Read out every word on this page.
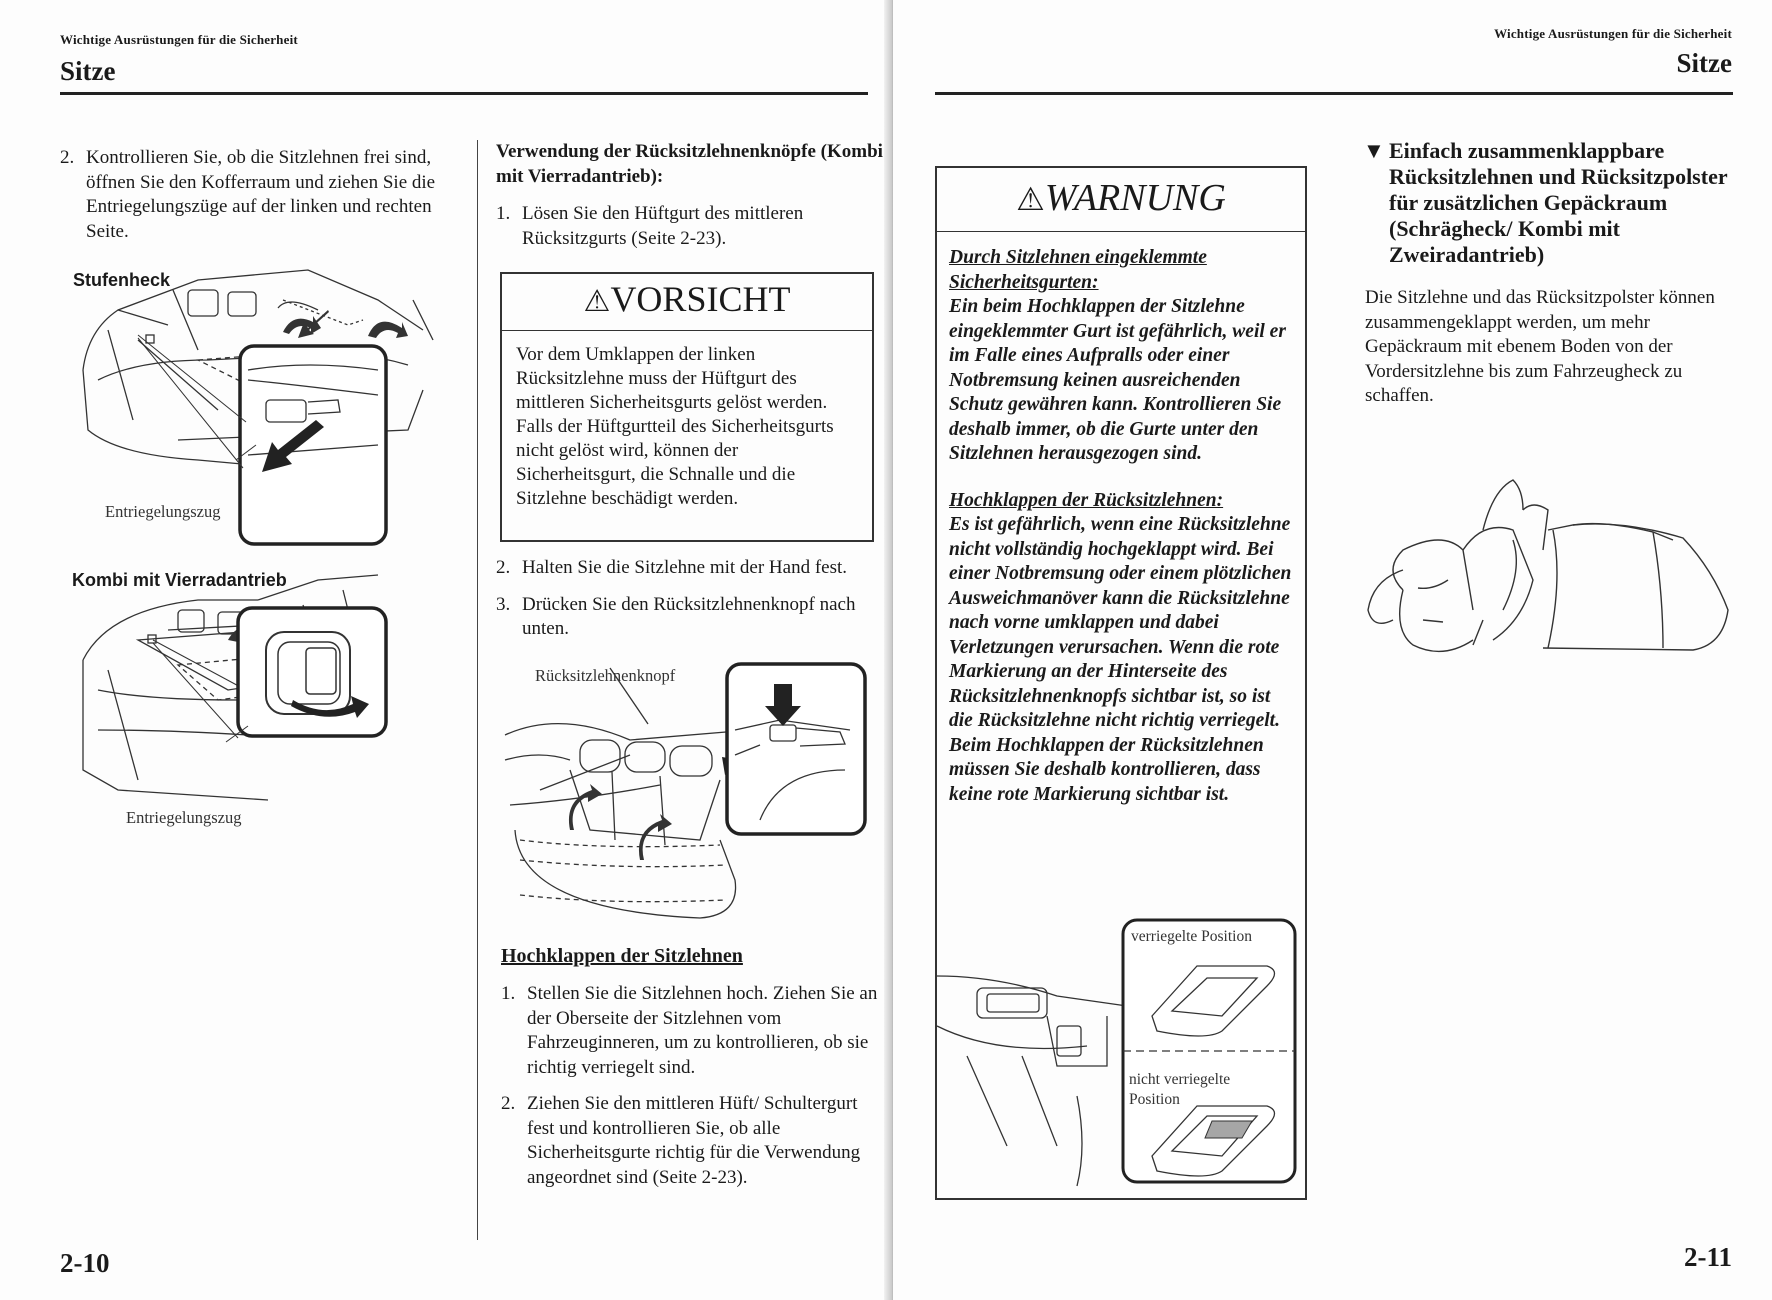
Wichtige Ausrüstungen für die Sicherheit
Sitze
2. Kontrollieren Sie, ob die Sitzlehnen frei sind, öffnen Sie den Kofferraum und ziehen Sie die Entriegelungszüge auf der linken und rechten Seite.
Stufenheck
Entriegelungszug
Kombi mit Vierradantrieb
Entriegelungszug
Verwendung der Rücksitzlehnenknöpfe (Kombi mit Vierradantrieb):
1. Lösen Sie den Hüftgurt des mittleren Rücksitzgurts (Seite 2-23).
⚠VORSICHT
Vor dem Umklappen der linken Rücksitzlehne muss der Hüftgurt des mittleren Sicherheitsgurts gelöst werden. Falls der Hüftgurtteil des Sicherheitsgurts nicht gelöst wird, können der Sicherheitsgurt, die Schnalle und die Sitzlehne beschädigt werden.
2. Halten Sie die Sitzlehne mit der Hand fest.
3. Drücken Sie den Rücksitzlehnenknopf nach unten.
Rücksitzlehnenknopf
Hochklappen der Sitzlehnen
1. Stellen Sie die Sitzlehnen hoch. Ziehen Sie an der Oberseite der Sitzlehnen vom Fahrzeuginneren, um zu kontrollieren, ob sie richtig verriegelt sind.
2. Ziehen Sie den mittleren Hüft/ Schultergurt fest und kontrollieren Sie, ob alle Sicherheitsgurte richtig für die Verwendung angeordnet sind (Seite 2-23).
2-10
Wichtige Ausrüstungen für die Sicherheit
Sitze
⚠WARNUNG
Durch Sitzlehnen eingeklemmte Sicherheitsgurten:
Ein beim Hochklappen der Sitzlehne eingeklemmter Gurt ist gefährlich, weil er im Falle eines Aufpralls oder einer Notbremsung keinen ausreichenden Schutz gewähren kann. Kontrollieren Sie deshalb immer, ob die Gurte unter den Sitzlehnen herausgezogen sind.
Hochklappen der Rücksitzlehnen:
Es ist gefährlich, wenn eine Rücksitzlehne nicht vollständig hochgeklappt wird. Bei einer Notbremsung oder einem plötzlichen Ausweichmanöver kann die Rücksitzlehne nach vorne umklappen und dabei Verletzungen verursachen. Wenn die rote Markierung an der Hinterseite des Rücksitzlehnenknopfs sichtbar ist, so ist die Rücksitzlehne nicht richtig verriegelt. Beim Hochklappen der Rücksitzlehnen müssen Sie deshalb kontrollieren, dass keine rote Markierung sichtbar ist.
verriegelte Position
nicht verriegelte Position
▼ Einfach zusammenklappbare Rücksitzlehnen und Rücksitzpolster für zusätzlichen Gepäckraum (Schrägheck/ Kombi mit Zweiradantrieb)
Die Sitzlehne und das Rücksitzpolster können zusammengeklappt werden, um mehr Gepäckraum mit ebenem Boden von der Vordersitzlehne bis zum Fahrzeugheck zu schaffen.
2-11
